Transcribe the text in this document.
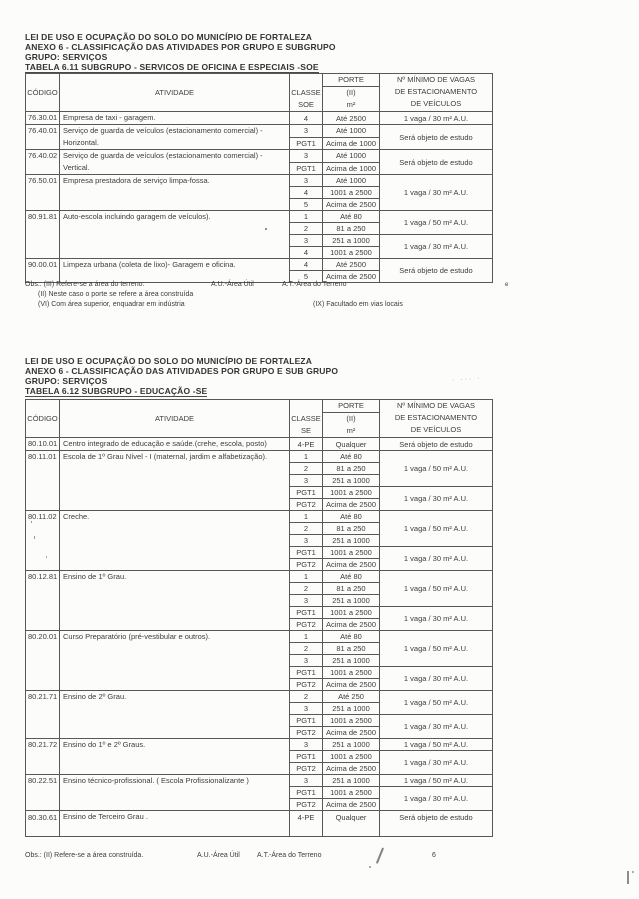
LEI DE USO E OCUPAÇÃO DO SOLO DO MUNICÍPIO DE FORTALEZA
ANEXO 6 - CLASSIFICAÇÃO DAS ATIVIDADES POR GRUPO E SUBGRUPO
GRUPO: SERVIÇOS
TABELA 6.11 SUBGRUPO - SERVICOS DE OFICINA E ESPECIAIS -SOE
CÓDIGO	ATIVIDADE	CLASSE
SOE

PORTE
(II)
m²

Nº MÍNIMO DE VAGAS
DE ESTACIONAMENTO
DE VEÍCULOS

76.30.01	Empresa de taxi - garagem.	4	Até 2500	1 vaga / 30 m² A.U.
76.40.01	Serviço de guarda de veículos (estacionamento comercial) -
Horizontal.	3	Até 1000	Será objeto de estudo
		PGT1	Acima de 1000	
76.40.02	Serviço de guarda de veículos (estacionamento comercial) -
Vertical.	3	Até 1000	Será objeto de estudo
		PGT1	Acima de 1000	
76.50.01	Empresa prestadora de serviço limpa-fossa.	3	Até 1000	1 vaga / 30 m² A.U.
		4	1001 a 2500	
		5	Acima de 2500	
80.91.81	Auto-escola incluindo garagem de veículos).	1	Até 80	1 vaga / 50 m² A.U.
		2	81 a 250	
		3	251 a 1000	1 vaga / 30 m² A.U.
		4	1001 a 2500	
90.00.01	Limpeza urbana (coleta de lixo)- Garagem e oficina.	4	Até 2500	Será objeto de estudo
		5	Acima de 2500	
Obs.: (III) Refere-se a área do terreno.	A.U.-Área Útil	A.T.-Área do Terreno	e
(II) Neste caso o porte se refere a área construída
(VI) Com área superior, enquadrar em indústria	(IX) Facultado em vias locais
LEI DE USO E OCUPAÇÃO DO SOLO DO MUNICÍPIO DE FORTALEZA
ANEXO 6 - CLASSIFICAÇÃO DAS ATIVIDADES POR GRUPO E SUB GRUPO
GRUPO: SERVIÇOS
TABELA 6.12 SUBGRUPO - EDUCAÇÃO -SE
CÓDIGO	ATIVIDADE	CLASSE
SE

PORTE
(II)
m²

Nº MÍNIMO DE VAGAS
DE ESTACIONAMENTO
DE VEÍCULOS

80.10.01	Centro integrado de educação e saúde.(crehe, escola, posto)	4-PE	Qualquer	Será objeto de estudo
80.11.01	Escola de 1º Grau Nível - I (maternal, jardim e alfabetização).	1	Até 80	1 vaga / 50 m² A.U.
		2	81 a 250	
		3	251 a 1000	
		PGT1	1001 a 2500	1 vaga / 30 m² A.U.
		PGT2	Acima de 2500	
80.11.02	Creche.	1	Até 80	1 vaga / 50 m² A.U.
		2	81 a 250	
		3	251 a 1000	
		PGT1	1001 a 2500	1 vaga / 30 m² A.U.
		PGT2	Acima de 2500	
80.12.81	Ensino de 1º Grau.	1	Até 80	1 vaga / 50 m² A.U.
		2	81 a 250	
		3	251 a 1000	
		PGT1	1001 a 2500	1 vaga / 30 m² A.U.
		PGT2	Acima de 2500	
80.20.01	Curso Preparatório (pré-vestibular e outros).	1	Até 80	1 vaga / 50 m² A.U.
		2	81 a 250	
		3	251 a 1000	
		PGT1	1001 a 2500	1 vaga / 30 m² A.U.
		PGT2	Acima de 2500	
80.21.71	Ensino de 2º Grau.	2	Até 250	1 vaga / 50 m² A.U.
		3	251 a 1000	
		PGT1	1001 a 2500	1 vaga / 30 m² A.U.
		PGT2	Acima de 2500	
80.21.72	Ensino do 1º e 2º Graus.	3	251 a 1000	1 vaga / 50 m² A.U.
		PGT1	1001 a 2500	1 vaga / 30 m² A.U.
		PGT2	Acima de 2500	
80.22.51	Ensino técnico-profissional. ( Escola Profissionalizante )	3	251 a 1000	1 vaga / 50 m² A.U.
		PGT1	1001 a 2500	1 vaga / 30 m² A.U.
		PGT2	Acima de 2500	
80.30.61	Ensino de Terceiro Grau .	4-PE	Qualquer	Será objeto de estudo
Obs.: (II) Refere-se a área construída.	A.U.-Área Útil A.T.-Área do Terreno	6
· ··· ·
